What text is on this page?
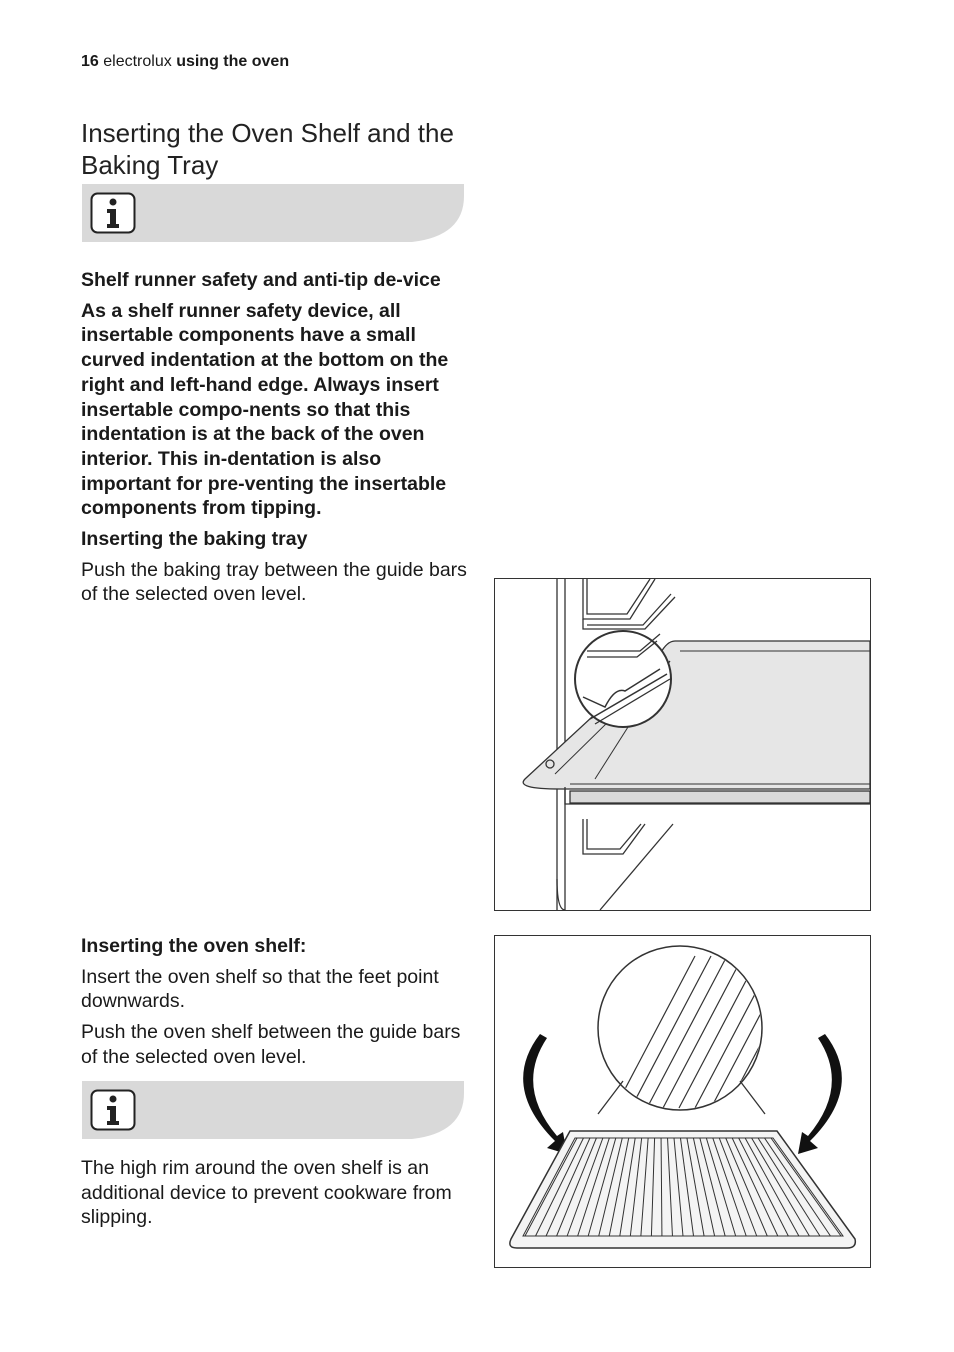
16 electrolux using the oven
Inserting the Oven Shelf and the Baking Tray

Shelf runner safety and anti-tip de-vice

As a shelf runner safety device, all insertable components have a small curved indentation at the bottom on the right and left-hand edge. Always insert insertable compo-nents so that this indentation is at the back of the oven interior. This in-dentation is also important for pre-venting the insertable components from tipping.

Inserting the baking tray

Push the baking tray between the guide bars of the selected oven level.

Inserting the oven shelf:

Insert the oven shelf so that the feet point downwards.

Push the oven shelf between the guide bars of the selected oven level.

The high rim around the oven shelf is an additional device to prevent cookware from slipping.
